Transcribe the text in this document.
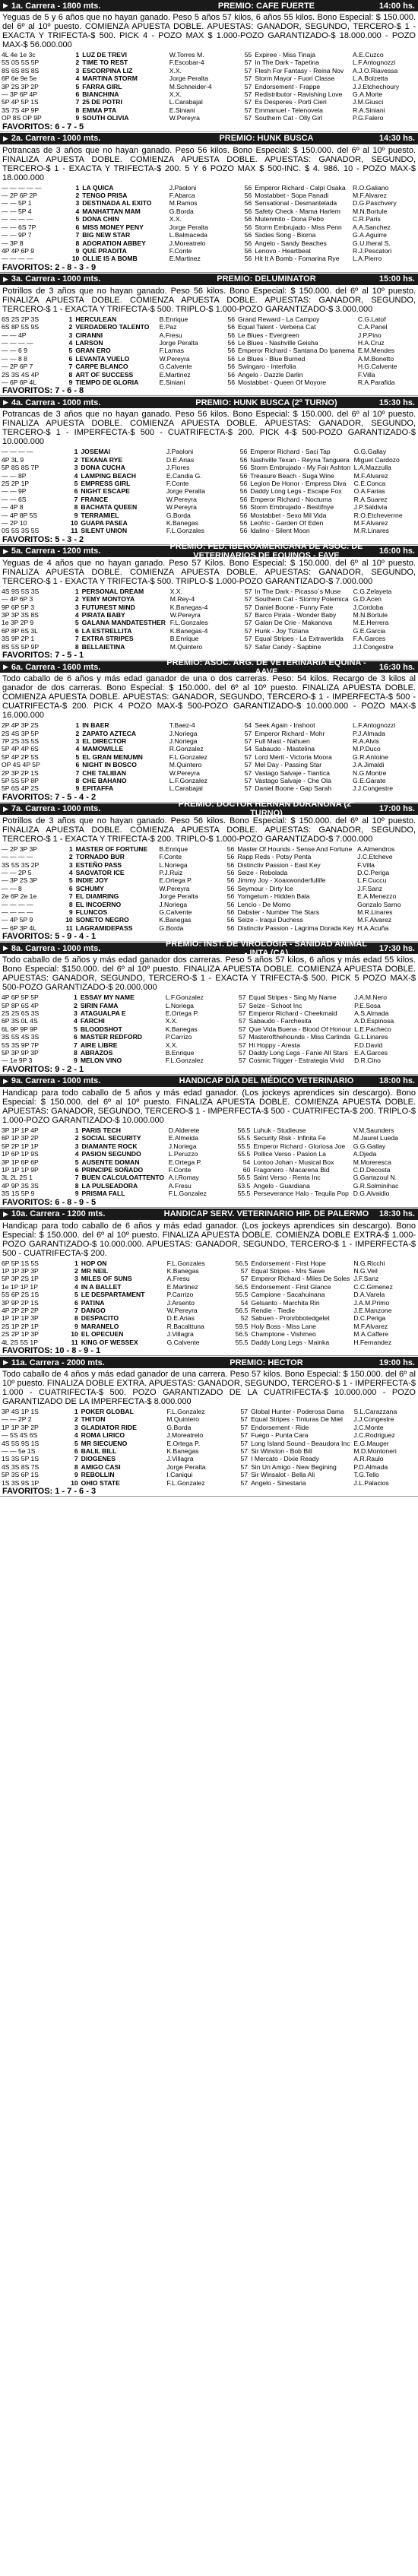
▶ 1a. Carrera - 1800 mts.	PREMIO: CAFE FUERTE	14:00 hs.
Yeguas de 5 y 6 años que no hayan ganado. Peso 5 años 57 kilos, 6 años 55 kilos. Bono Especial: $ 150.000. del 6º al 10º puesto. COMIENZA APUESTA DOBLE. APUESTAS: GANADOR, SEGUNDO, TERCERO-$ 1 - EXACTA Y TRIFECTA-$ 500. PICK 4 - POZO MAX $ 1.000-POZO GARANTIZADO-$ 18.000.000 - POZO MAX-$ 56.000.000
4L 4e 1e 3c	1	LUZ DE TREVI	W.Torres M.	55	Expiree - Miss Tinaja	A.E.Cuzco
5S 0S 5S 5P	2	TIME TO REST	F.Escobar-4	57	In The Dark - Tapetina	L.F.Antognozzi
8S 6S 8S 8S	3	ESCORPINA LIZ	X.X.	57	Flesh For Fantasy - Reina Nov	A.J.O.Riavessa
6P 6e 9e 5e	4	MARTINA STORM	Jorge Peralta	57	Storm Mayor - Fuori Classe	L.A.Bolzetta
3P 2S 3P 2P	5	FARRA GIRL	M.Schneider-4	57	Endorsement - Frappe	J.J.Etchechoury
— 3P 6P 4P	6	BIANCHINA	X.X.	57	Redistributor - Ravishing Love	G.A.Morte
5P 4P 5P 1S	7	25 DE POTRI	L.Carabajal	57	Es Desperes - Porti Cieri	J.M.Giusci
3S 7S 4P 9P	8	EMMA PTA	E.Siniani	57	Emmanuel - Telenovela	R.A.Siniani
OP 8S OP 9P	9	SOUTH OLIVIA	W.Pereyra	57	Southern Cat - Olly Girl	P.G.Falero
FAVORITOS: 6 - 7 - 5
▶ 2a. Carrera - 1000 mts.	PREMIO: HUNK BUSCA	14:30 hs.
Potrancas de 3 años que no hayan ganado. Peso 56 kilos. Bono Especial: $ 150.000. del 6º al 10º puesto. FINALIZA APUESTA DOBLE. COMIENZA APUESTA DOBLE. APUESTAS: GANADOR, SEGUNDO, TERCERO-$ 1 - EXACTA Y TRIFECTA-$ 200. 5 Y 6 POZO MAX $ 500-INC. $ 4. 986. 10 - POZO MAX-$ 18.000.000
— — — — —	1	LA QUICA	J.Paoloni	56	Emperor Richard - Calpi Osaka	R.O.Galiano
— 2P 6P 2P	2	TENGO PRISA	F.Abarca	56	Mostabbet - Sopa Panadi	M.F.Alvarez
— — 5P 1	3	DESTINADA AL EXITO	M.Ramos	56	Sensational - Desmantelada	D.G.Paschvery
— — 5P 4	4	MANHATTAN MAM	G.Borda	56	Safety Check - Mama Harlem	M.N.Bortule
— — — —	5	DONA CHIN	X.X.	56	Mutenmito - Dona Pebo	C.R.Paris
— — 6S 7P	6	MISS MONEY PENY	Jorge Peralta	56	Storm Embrujado - Miss Penn	A.A.Sanchez
— — 9P 7	7	BIG NEW STAR	L.Balmaceda	56	Sixties Song - Biorna	G.A.Aguirre
— 3P 8	8	ADORATION ABBEY	J.Moreatrelo	56	Angelo - Sandy Beaches	G.U.Iheral S.
4P 4P 6P 9	9	QUE PRADITA	F.Conte	56	Lenovo - Heartbeat	R.J.Pescatori
— — — —	10	OLLIE IS A BOMB	E.Martinez	56	Hit It A Bomb - Fomarina Rye	L.A.Pierro
FAVORITOS: 2 - 8 - 3 - 9
▶ 3a. Carrera - 1000 mts.	PREMIO: DELUMINATOR	15:00 hs.
Potrillos de 3 años que no hayan ganado. Peso 56 kilos. Bono Especial: $ 150.000. del 6º al 10º puesto. FINALIZA APUESTA DOBLE. COMIENZA APUESTA DOBLE. APUESTAS: GANADOR, SEGUNDO, TERCERO-$ 1 - EXACTA Y TRIFECTA-$ 500. TRIPLO-$ 1.000-POZO GARANTIZADO-$ 3.000.000
6S 2S 2P 3S	1	HERCULEAN	B.Enrique	56	Grand Reward - La Campoy	C.G.Latof
6S 8P 5S 9S	2	VERDADERO TALENTO	E.Paz	56	Equal Talent - Verbena Cat	C.A.Panel
— — 4P	3	CIRANNI	A.Fresu	56	Le Blues - Evergreen	J.P.Pino
— — — —	4	LARSON	Jorge Peralta	56	Le Blues - Nashville Geisha	H.A.Cruz
— — 6 9	5	GRAN ERO	F.Lamas	56	Emperor Richard - Santana Do Ipanema	E.M.Mendes
— — 8 8	6	LEVANTA VUELO	W.Pereyra	56	Le Blues - Blue Burned	A.M.Bonetto
— 2P 6P 7	7	CARPE BLANCO	G.Calvente	56	Swingaro - Interfolia	H.G.Calvente
2S 3S 4S 4P	8	ART OF SUCCESS	E.Martinez	56	Angelo - Dazzle Darlin	F.Villa
— 6P 6P 4L	9	TIEMPO DE GLORIA	E.Siniani	56	Mostabbet - Queen Of Moyore	R.A.Parafida
FAVORITOS: 7 - 6 - 8
▶ 4a. Carrera - 1000 mts.	PREMIO: HUNK BUSCA (2º TURNO)	15:30 hs.
Potrancas de 3 años que no hayan ganado. Peso 56 kilos. Bono Especial: $ 150.000. del 6º al 10º puesto. FINALIZA APUESTA DOBLE. COMIENZA APUESTA DOBLE. APUESTAS: GANADOR, SEGUNDO, TERCERO-$ 1 - IMPERFECTA-$ 500 - CUATRIFECTA-$ 200. PICK 4-$ 500-POZO GARANTIZADO-$ 10.000.000
— — — —	1	JOSEMAI	J.Paoloni	56	Emperor Richard - Saci Tap	G.G.Gallay
4P 3L 9	2	TEXANA RYE	D.E.Arias	56	Nashville Texan - Reyna Tanguera	Miguel Cardozo
5P 8S 8S 7P	3	DONA CUCHA	J.Flores	56	Storm Embrujado - My Fair Ashton	L.A.Mazzulla
— — 8P	4	LAMPING BEACH	E.Candia G.	56	Treasure Beach - Suga Wine	M.F.Alvarez
2S 2P 1P	5	EMPRESS GIRL	F.Conte	56	Legion De Honor - Empress Diva	C.E.Conca
— — 9P	6	NIGHT ESCAPE	Jorge Peralta	56	Daddy Long Legs - Escape Fox	O.A.Farias
— — 6S	7	FRANCE	W.Pereyra	56	Emperor Richard - Nocturna	R.A.Suarez
— 4P 8	8	BACHATA QUEEN	W.Pereyra	56	Storm Embrujado - Bestifnye	J.P.Saldivia
— 4P 8P 5S	9	TERRAMIEL	G.Borda	56	Mostabbet - Sexo Mil Vida	R.O.Etcheverrne
— 2P 10	10	GUAPA PASEA	K.Banegas	56	Leofric - Garden Of Eden	M.F.Alvarez
0S 5S 3S 5S	11	SILENT UNION	F.L.Gonzales	56	Idalino - Silent Moon	M.R.Linares
FAVORITOS: 5 - 3 - 2
▶ 5a. Carrera - 1200 mts.	PREMIO: FED. IBEROAMERICANA DE ASOC. DE VETERINARIOS DE EQUINOS - FAVE	16:00 hs.
Yeguas de 4 años que no hayan ganado. Peso 57 Kilos. Bono Especial: $ 150.000. del 6º al 10º puesto. FINALIZA APUESTA DOBLE. COMIENZA APUESTA DOBLE. APUESTAS: GANADOR, SEGUNDO, TERCERO-$ 1 - EXACTA Y TRIFECTA-$ 500. TRIPLO-$ 1.000-POZO GARANTIZADO-$ 7.000.000
4S 9S 5S 3S	1	PERSONAL DREAM	X.X.	57	In The Dark - Picasso´s Muse	C.G.Zelayeta
— 4P 6P 3	2	YEMY MONTOYA	M.Rey-4	57	Southern Cat - Stormy Polemica	G.D.Acen
9P 6P 5P 3	3	FUTUREST MIND	K.Banegas-4	57	Daniel Boone - Funny Fate	J.Cordoba
3P 3P 3S 8S	4	PIRATA BABY	W.Pereyra	57	Barco Pirata - Wonder Baby	M.N.Bortule
1e 3P 2P 9	5	GALANA MANDATESTHER	F.L.Gonzales	57	Galan De Crie - Makanova	M.E.Herrera
6P 8P 6S 3L	6	LA ESTRELLITA	K.Banegas-4	57	Hunk - Joy Tiziana	G.E.Garcia
3S 9P 2P 1	7	EXTRA STRIPES	B.Enrique	57	Equal Stripes - La Extravertida	F.A.Garces
8S 5S 5P 9P	8	BELLAIETINA	M.Quintero	57	Safar Candy - Sapbine	J.J.Congestre
FAVORITOS: 7 - 5 - 1
▶ 6a. Carrera - 1600 mts.	PREMIO: ASOC. ARG. DE VETERINARIA EQUINA - AAVE	16:30 hs.
Todo caballo de 6 años y más edad ganador de una o dos carreras. Peso: 54 kilos. Recargo de 3 kilos al ganador de dos carreras. Bono Especial: $ 150.000. del 6º al 10º puesto. FINALIZA APUESTA DOBLE. COMIENZA APUESTA DOBLE. APUESTAS: GANADOR, SEGUNDO, TERCERO-$ 1 - IMPERFECTA-$ 500 - CUATRIFECTA-$ 200. PICK 4 POZO MAX-$ 500-POZO GARANTIZADO-$ 10.000.000 - POZO MAX-$ 16.000.000
2P 4P 3P 2S	1	IN BAER	T.Baez-4	54	Seek Again - Inshoot	L.F.Antognozzi
2S 4S 3P 5P	2	ZAPATO AZTECA	J.Noriega	57	Emperor Richard - Mohr	P.J.Almada
7P 2S 3S 5S	3	EL DIRECTOR	J.Noriega	57	Full Mast - Nahuen	R.A.Alvis
5P 4P 4P 6S	4	MAMOWILLE	R.Gonzalez	54	Sabaudo - Mastelina	M.P.Duco
5P 4P 2P 5S	5	EL GRAN MENUMN	F.L.Gonzalez	57	Lord Merit - Victoria Moora	G.R.Antoine
OP 4S 4P 5P	6	NIGHT IN BOSCO	M.Quintero	57	Mel Day - Passing Star	J.A.Jimaldi
2P 3P 2P 1S	7	CHE TALIBAN	W.Pereyra	57	Vastago Salvaje - Tiantica	N.G.Montre
5P 5S 5P 8P	8	CHE BAHANO	L.F.Gonzalez	57	Vastago Salvaje - Che Ola	G.E.Garate
5P 6S 4P 2S	9	EPITAFFA	L.Carabajal	57	Daniel Boone - Gap Sarah	J.J.Congestre
FAVORITOS: 7 - 5 - 4 - 2
▶ 7a. Carrera - 1000 mts.	PREMIO: DOCTOR HERNAN DURAÑONA (2º TURNO)	17:00 hs.
Potrillos de 3 años que no hayan ganado. Peso 56 kilos. Bono Especial: $ 150.000. del 6º al 10º puesto. FINALIZA APUESTA DOBLE. COMIENZA APUESTA DOBLE. APUESTAS: GANADOR, SEGUNDO, TERCERO-$ 1 - EXACTA Y TRIFECTA-$ 200. TRIPLO-$ 1.000-POZO GARANTIZADO-$ 7.000.000
— 2P 3P 3P	1	MASTER OF FORTUNE	B.Enrique	56	Master Of Hounds - Sense And Fortune	A.Almendros
— — — —	2	TORNADO BUR	F.Conte	56	Rapp Reds - Potsy Penta	J.C.Etcheve
3S 5S 3S 2P	3	ESTEÑO PASS	L.Noriega	56	Distinctiv Passion - East Key	F.Villa
— — 2P 5	4	SAGVATOR ICE	P.J.Ruiz	56	Seize - Rebolada	D.C.Periga
— 3P 2S 3P	5	INDIE JOY	E.Ortega P.	56	Jimmy Joy - Xoaxwonderfullife	L.F.Cuccu
— — 8	6	SCHUMY	W.Pereyra	56	Seymour - Dirty Ice	J.F.Sanz
2e 6P 2e 1e	7	EL DIAMRING	Jorge Peralta	56	Yomgetum - Hidden Bala	E.A.Menezzo
— — — —	8	EL INCOERNO	J.Noriega	56	Lencio - De Momo	Gonzalo Sarno
— — — —	9	FLUNCOS	G.Calvente	56	Dabster - Number The Stars	M.R.Linares
— 4P 5P 9	10	SONETO NEGRO	K.Banegas	56	Seize - Iraqui Duchess	M.F.Alvarez
— 6P 3P 4L	11	LAGRAMIDEPASS	G.Borda	56	Distinctiv Passion - Lagrima Dorada Key	H.A.Acuña
FAVORITOS: 5 - 9 - 4 - 1
▶ 8a. Carrera - 1000 mts.	PREMIO: INST. DE VIROLOGIA - SANIDAD ANIMAL - INTA (CA)	17:30 hs.
Todo caballo de 5 años y más edad ganador dos carreras. Peso 5 años 57 kilos, 6 años y más edad 55 kilos. Bono Especial: $150.000. del 6º al 10º puesto. FINALIZA APUESTA DOBLE. COMIENZA APUESTA DOBLE. APUESTAS: GANADOR, SEGUNDO, TERCERO-$ 1 - EXACTA Y TRIFECTA-$ 500. PICK 5 POZO MAX-$ 500-POZO GARANTIZADO-$ 20.000.000
4P 6P 5P 5P	1	ESSAY MY NAME	L.F.Gonzalez	57	Equal Stripes - Sing My Name	J.A.M.Nero
5P 8P 6S 4P	2	SIRIN FAMA	L.Noriega	57	Seize - Schoot Inc	P.E.Sosa
2S 2S 6S 3S	3	ATAGUALPA E	E.Ortega P.	57	Emperor Richard - Cheekmaid	A.S.Almada
6P 3S 0L 4S	4	FARCHI	X.X.	57	Sabaudo - Farchesita	A.D.Espinosa
6L 9P 9P 9P	5	BLOODSHOT	K.Banegas	57	Que Vida Buena - Blood Of Honour	L.E.Pacheco
3S 5S 4S 3S	6	MASTER REDFORD	P.Carrizo	57	Masterofthehounds - Miss Carlinda	G.L.Linares
5S 3S 9P 7P	7	AIRE LIBRE	X.X.	57	Hi Hoppy - Aresta	F.D.David
5P 3P 9P 3P	8	ABRAZOS	B.Enrique	57	Daddy Long Legs - Fanie All Stars	E.A.Garces
— 1e 9P 3	9	MELON VINO	F.L.Gonzalez	57	Cosmic Trigger - Estrategia Vivid	D.R.Cino
FAVORITOS: 9 - 2 - 1
▶ 9a. Carrera - 1000 mts.	HANDICAP DÍA DEL MÉDICO VETERINARIO	18:00 hs.
Handicap para todo caballo de 5 años y más edad ganador. (Los jockeys aprendices sin descargo). Bono Especial: $ 150.000. del 6º al 10º puesto. FINALIZA APUESTA DOBLE. COMIENZA APUESTA DOBLE. APUESTAS: GANADOR, SEGUNDO, TERCERO-$ 1 - IMPERFECTA-$ 500 - CUATRIFECTA-$ 200. TRIPLO-$ 1.000-POZO GARANTIZADO-$ 10.000.000
3P 1P 1P 4P	1	PARIS TECH	D.Alderete	56.5	Luhuk - Studieuse	V.M.Saunders
6P 1P 3P 2P	2	SOCIAL SECURITY	E.Almeida	55.5	Security Risk - Infinita Fe	M.Jaurel Lueda
5P 2P 1P 1P	3	DIAMANTE ROCK	J.Noriega	55.5	Emperor Richard - Gloriosa Joe	G.G.Gallay
1P 6P 1P 9S	4	PASION SEGUNDO	L.Peruzzo	55.5	Pollice Verso - Pasion La	A.Djeda
3P 1P 6P 6P	5	AUSENTE DOMAN	E.Ortega P.	54	Lontoo Johan - Musical Box	M.Moreresca
1P 1P 1P 9P	6	PRINCIPE SOÑADO	F.Conte	60	Fragonero - Macarena Bid	C.D.Decosta
3L 2L 2S 1	7	BUEN CALCULOATTENTO	A.I.Romay	56.5	Saint Verso - Renta Inc	G.Gartazoul N.
4P 9P 3S 3S	8	LA PULSEADORA	A.Fresu	53.5	Angelo - Guardiana	G.R.Solminihac
3S 1S 5P 9	9	PRISMA FALL	F.L.Gonzalez	55.5	Perseverance Halo - Tequila Pop	D.G.Alvaidio
FAVORITOS: 6 - 8 - 9 - 5
▶ 10a. Carrera - 1200 mts.	HANDICAP SERV. VETERINARIO HIP. DE PALERMO	18:30 hs.
Handicap para todo caballo de 6 años y más edad ganador. (Los jockeys aprendices sin descargo). Bono Especial: $ 150.000. del 6º al 10º puesto. FINALIZA APUESTA DOBLE. COMIENZA DOBLE EXTRA-$ 1.000-POZO GARANTIZADO-$ 10.000.000. APUESTAS: GANADOR, SEGUNDO, TERCERO-$ 1 - IMPERFECTA-$ 500 - CUATRIFECTA-$ 200.
6P 5P 1S 5S	1	HOP ON	F.L.Gonzales	56.5	Endorsement - First Hope	N.G.Ricchi
1P 1P 3P 3P	2	MR NEIL	K.Banegas	57	Equal Stripes - Mrs Sawe	N.G.Veil
5P 3P 2S 1P	3	MILES OF SUNS	A.Fresu	57	Emperor Richard - Miles De Soles	J.F.Sanz
1e 1P 1P 1P	4	IN A BALLET	E.Martinez	56.5	Endorsement - First Glance	C.C.Gimenez
5S 6P 2S 1S	5	LE DESPARTAMENT	P.Carrizo	55.5	Campione - Sacahuinana	D.A.Varela
3P 9P 2P 1S	6	PATINA	J.Arsento	54	Gelsanto - Marchita Rin	J.A.M.Primo
4P 2P 2P 2P	7	DANGO	W.Pereyra	56.5	Rendie - Tiedie	J.E.Manzone
1P 1P 1P 3P	8	DESPACITO	D.E.Arias	52	Sabuen - Pronrbbotedgelet	D.C.Periga
2S 1P 2P 1P	9	MARANELO	R.Bacalttuna	59.5	Holy Boss - Miss Lane	M.F.Alvarez
2S 2P 1P 3P	10	EL OPECUEN	J.Villagra	56.5	Champtone - Vishmeo	M.A.Caffere
4L 2S 5S 1P	11	KING OF WESSEX	G.Calvente	55.5	Daddy Long Legs - Mainka	H.Fernandez
FAVORITOS: 10 - 8 - 9 - 1
▶ 11a. Carrera - 2000 mts.	PREMIO: HECTOR	19:00 hs.
Todo caballo de 4 años y más edad ganador de una carrera. Peso 57 kilos. Bono Especial: $ 150.000. del 6º al 10º puesto. FINALIZA DOBLE EXTRA. APUESTAS: GANADOR, SEGUNDO, TERCERO-$ 1 - IMPERFECTA-$ 1.000 - CUATRIFECTA-$ 500. POZO GARANTIZADO DE LA CUATRIFECTA-$ 10.000.000 - POZO GARANTIZADO DE LA IMPERFECTA-$ 8.000.000
3P 4S 1P 1S	1	POKER GLOBAL	F.L.Gonzalez	57	Global Hunter - Poderosa Dama	S.L.Carazzana
— — 2P 2	2	THITON	M.Quintero	57	Equal Stripes - Tinturas De Miel	J.J.Congestre
1P 1P 3P 2P	3	GLADIATOR RIDE	G.Borda	57	Endorsement - Ride	J.C.Monte
— 5S 4S 6S	4	ROMA LIRICO	J.Moreatrelo	57	Fuego - Punta Cara	J.C.Rodriguez
4S 5S 9S 1S	5	MR SIECUENO	E.Ortega P.	57	Long Island Sound - Beaudora Inc	E.G.Mauger
— — 5e 1S	6	BALIL BILL	K.Banegas	57	Sir Winston - Bob Bill	M.D.Montoneri
1S 3S 5P 1S	7	DIOGENES	J.Villagra	57	I Mercato - Dixie Ready	A.R.Raulo
4S 3S 8S 7S	8	AMIGO CASI	Jorge Peralta	57	Sin Un Amigo - New Begining	P.D.Almada
5P 3S 6P 1S	9	REBOLLIN	I.Caniqui	57	Sir Winsalot - Bella Ali	T.G.Tello
1S 3S 9S 1P	10	OHIO STATE	F.L.Gonzalez	57	Angelo - Sinestaria	J.L.Palacios
FAVORITOS: 1 - 7 - 6 - 3
